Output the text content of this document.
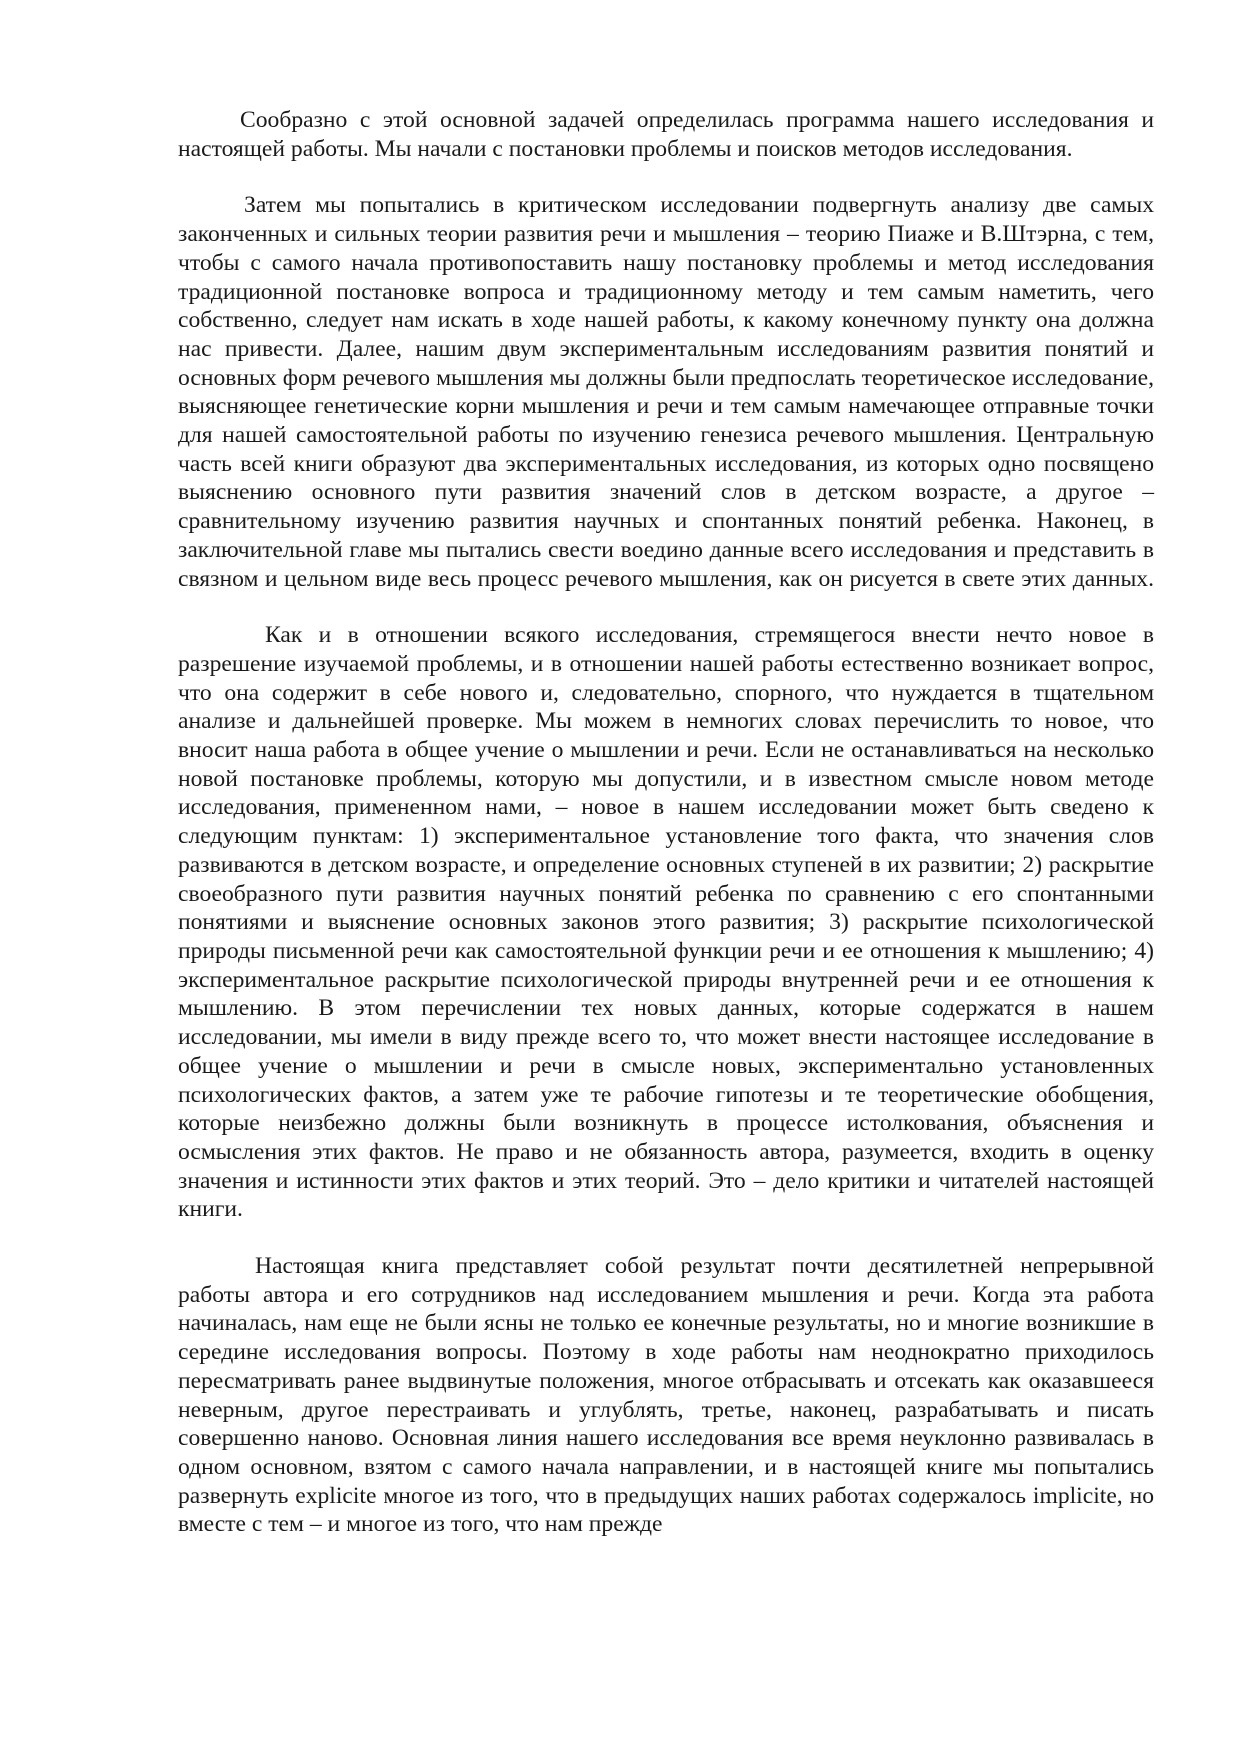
Сообразно с этой основной задачей определилась программа нашего исследования и настоящей работы. Мы начали с постановки проблемы и поисков методов исследования.

Затем мы попытались в критическом исследовании подвергнуть анализу две самых законченных и сильных теории развития речи и мышления – теорию Пиаже и В.Штэрна, с тем, чтобы с самого начала противопоставить нашу постановку проблемы и метод исследования традиционной постановке вопроса и традиционному методу и тем самым наметить, чего собственно, следует нам искать в ходе нашей работы, к какому конечному пункту она должна нас привести. Далее, нашим двум экспериментальным исследованиям развития понятий и основных форм речевого мышления мы должны были предпослать теоретическое исследование, выясняющее генетические корни мышления и речи и тем самым намечающее отправные точки для нашей самостоятельной работы по изучению генезиса речевого мышления. Центральную часть всей книги образуют два экспериментальных исследования, из которых одно посвящено выяснению основного пути развития значений слов в детском возрасте, а другое – сравнительному изучению развития научных и спонтанных понятий ребенка. Наконец, в заключительной главе мы пытались свести воедино данные всего исследования и представить в связном и цельном виде весь процесс речевого мышления, как он рисуется в свете этих данных.

Как и в отношении всякого исследования, стремящегося внести нечто новое в разрешение изучаемой проблемы, и в отношении нашей работы естественно возникает вопрос, что она содержит в себе нового и, следовательно, спорного, что нуждается в тщательном анализе и дальнейшей проверке. Мы можем в немногих словах перечислить то новое, что вносит наша работа в общее учение о мышлении и речи. Если не останавливаться на несколько новой постановке проблемы, которую мы допустили, и в известном смысле новом методе исследования, примененном нами, – новое в нашем исследовании может быть сведено к следующим пунктам: 1) экспериментальное установление того факта, что значения слов развиваются в детском возрасте, и определение основных ступеней в их развитии; 2) раскрытие своеобразного пути развития научных понятий ребенка по сравнению с его спонтанными понятиями и выяснение основных законов этого развития; 3) раскрытие психологической природы письменной речи как самостоятельной функции речи и ее отношения к мышлению; 4) экспериментальное раскрытие психологической природы внутренней речи и ее отношения к мышлению. В этом перечислении тех новых данных, которые содержатся в нашем исследовании, мы имели в виду прежде всего то, что может внести настоящее исследование в общее учение о мышлении и речи в смысле новых, экспериментально установленных психологических фактов, а затем уже те рабочие гипотезы и те теоретические обобщения, которые неизбежно должны были возникнуть в процессе истолкования, объяснения и осмысления этих фактов. Не право и не обязанность автора, разумеется, входить в оценку значения и истинности этих фактов и этих теорий. Это – дело критики и читателей настоящей книги.

Настоящая книга представляет собой результат почти десятилетней непрерывной работы автора и его сотрудников над исследованием мышления и речи. Когда эта работа начиналась, нам еще не были ясны не только ее конечные результаты, но и многие возникшие в середине исследования вопросы. Поэтому в ходе работы нам неоднократно приходилось пересматривать ранее выдвинутые положения, многое отбрасывать и отсекать как оказавшееся неверным, другое перестраивать и углублять, третье, наконец, разрабатывать и писать совершенно наново. Основная линия нашего исследования все время неуклонно развивалась в одном основном, взятом с самого начала направлении, и в настоящей книге мы попытались развернуть explicite многое из того, что в предыдущих наших работах содержалось implicite, но вместе с тем – и многое из того, что нам прежде
